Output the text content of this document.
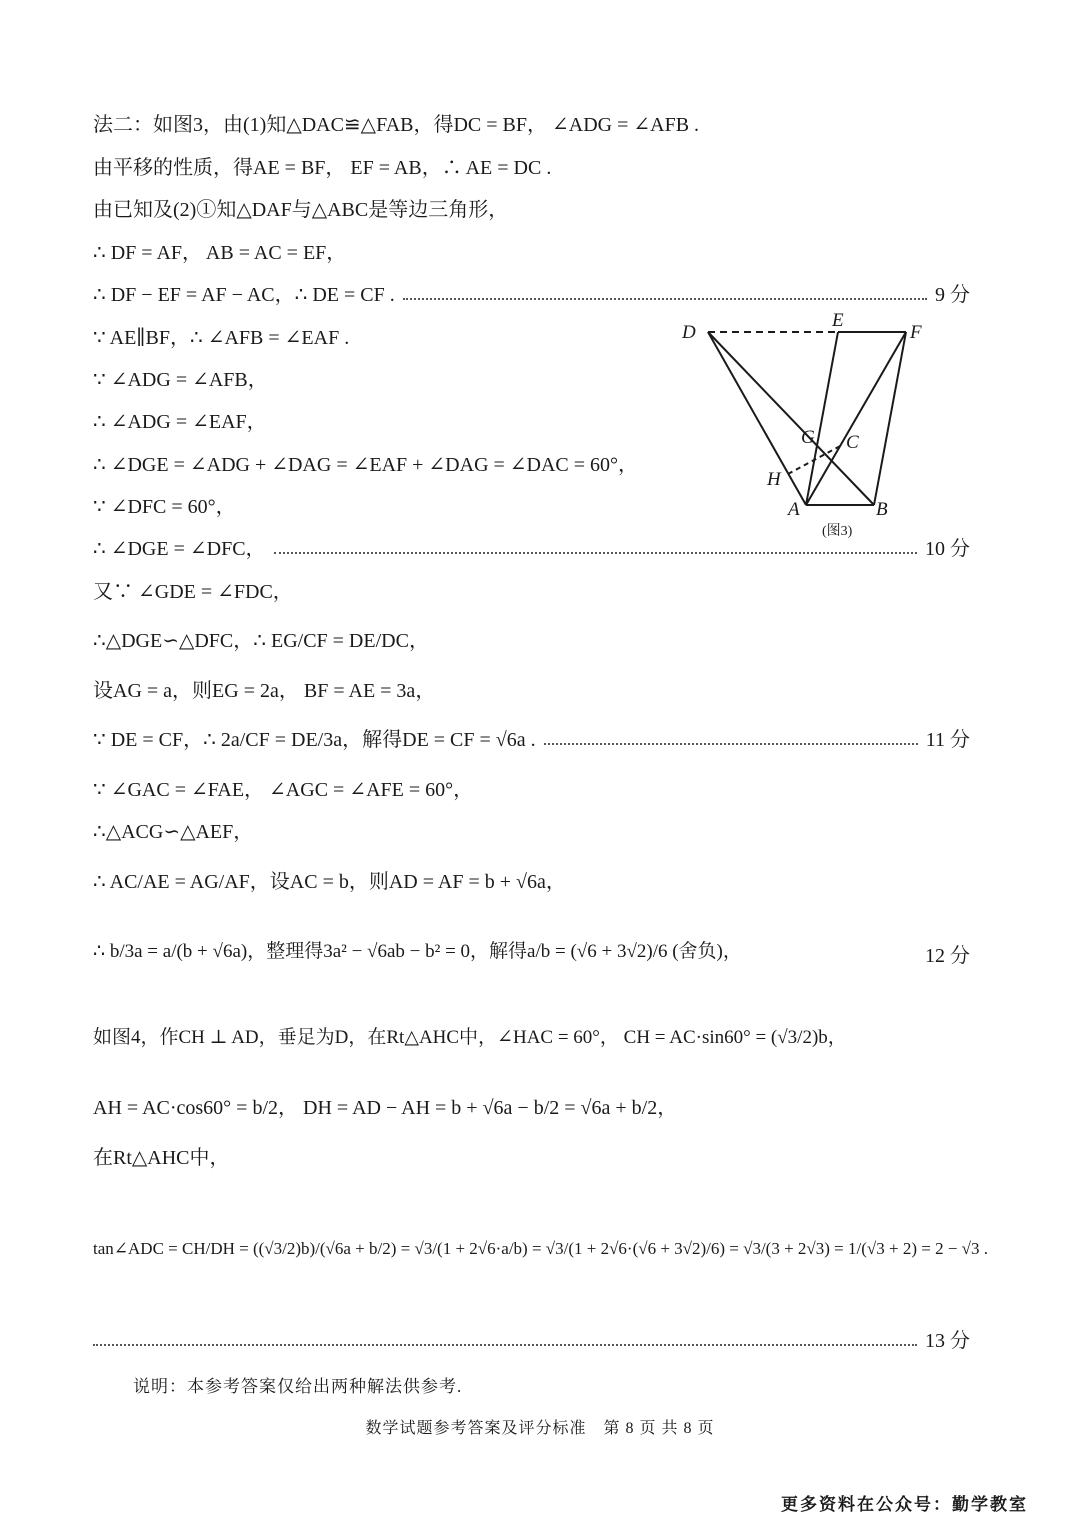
法二：如图3，由(1)知△DAC≌△FAB，得DC = BF， ∠ADG = ∠AFB .
由平移的性质，得AE = BF， EF = AB，∴ AE = DC .
由已知及(2)①知△DAF与△ABC是等边三角形，
∴ DF = AF， AB = AC = EF，
∴ DF − EF = AF − AC，∴ DE = CF .	9 分
∵ AE∥BF，∴ ∠AFB = ∠EAF .
∵ ∠ADG = ∠AFB，
∴ ∠ADG = ∠EAF，
∴ ∠DGE = ∠ADG + ∠DAG = ∠EAF + ∠DAG = ∠DAC = 60°，
∵ ∠DFC = 60°，
∴ ∠DGE = ∠DFC，	10 分
又∵ ∠GDE = ∠FDC，
∴△DGE∽△DFC，∴ EG/CF = DE/DC，
设AG = a，则EG = 2a， BF = AE = 3a，
∵ DE = CF，∴ 2a/CF = DE/3a，解得DE = CF = √6a .	11 分
∵ ∠GAC = ∠FAE， ∠AGC = ∠AFE = 60°，
∴△ACG∽△AEF，
∴ AC/AE = AG/AF，设AC = b，则AD = AF = b + √6a，
∴ b/3a = a/(b + √6a)，整理得3a² − √6ab − b² = 0，解得a/b = (√6 + 3√2)/6 (舍负)，	12 分
如图4，作CH ⊥ AD，垂足为D，在Rt△AHC中，∠HAC = 60°， CH = AC·sin60° = (√3/2)b，
AH = AC·cos60° = b/2， DH = AD − AH = b + √6a − b/2 = √6a + b/2，
在Rt△AHC中，
tan∠ADC = CH/DH = ((√3/2)b)/(√6a + b/2) = √3/(1 + 2√6·a/b) = √3/(1 + 2√6·(√6 + 3√2)/6) = √3/(3 + 2√3) = 1/(√3 + 2) = 2 − √3 .
13 分
D
E
F
G C
H
A	B
(图3)
说明：本参考答案仅给出两种解法供参考.
数学试题参考答案及评分标准　第 8 页 共 8 页
更多资料在公众号：勤学教室
